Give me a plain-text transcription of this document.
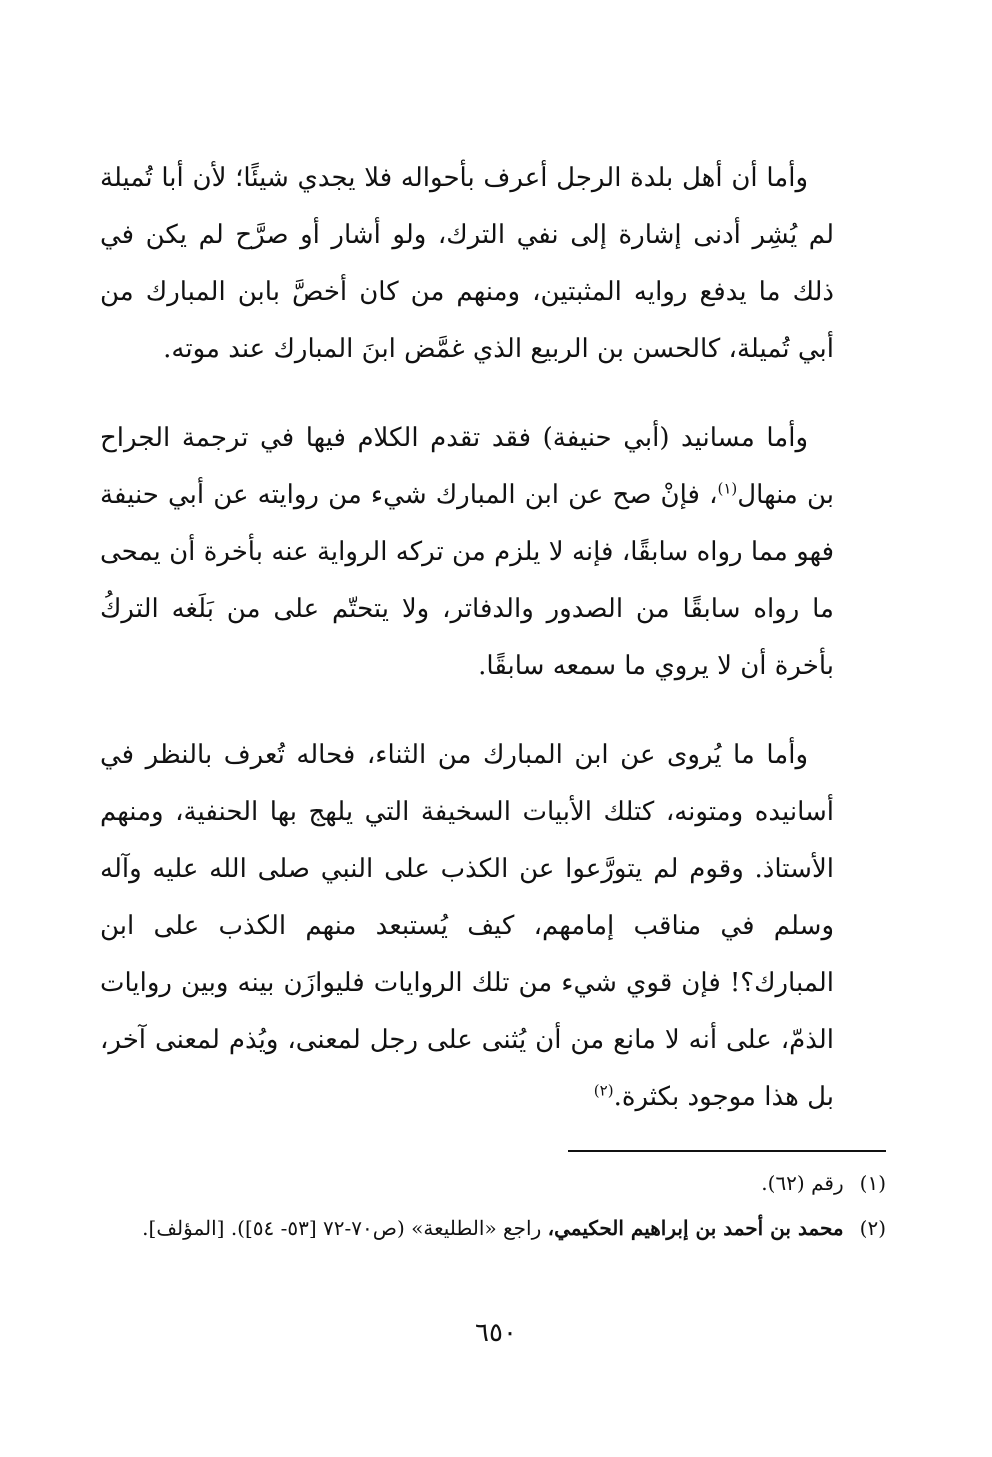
وأما أن أهل بلدة الرجل أعرف بأحواله فلا يجدي شيئًا؛ لأن أبا تُميلة لم يُشِر أدنى إشارة إلى نفي الترك، ولو أشار أو صرَّح لم يكن في ذلك ما يدفع روايه المثبتين، ومنهم من كان أخصَّ بابن المبارك من أبي تُميلة، كالحسن بن الربيع الذي غمَّض ابنَ المبارك عند موته.

وأما مسانيد (أبي حنيفة) فقد تقدم الكلام فيها في ترجمة الجراح بن منهال$^{(١)}$، فإنْ صح عن ابن المبارك شيء من روايته عن أبي حنيفة فهو مما رواه سابقًا، فإنه لا يلزم من تركه الرواية عنه بأخرة أن يمحى ما رواه سابقًا من الصدور والدفاتر، ولا يتحتّم على من بَلَغه التركُ بأخرة أن لا يروي ما سمعه سابقًا.

وأما ما يُروى عن ابن المبارك من الثناء، فحاله تُعرف بالنظر في أسانيده ومتونه، كتلك الأبيات السخيفة التي يلهج بها الحنفية، ومنهم الأستاذ. وقوم لم يتورَّعوا عن الكذب على النبي صلى الله عليه وآله وسلم في مناقب إمامهم، كيف يُستبعد منهم الكذب على ابن المبارك؟! فإن قوي شيء من تلك الروايات فليوازَن بينه وبين روايات الذمّ، على أنه لا مانع من أن يُثنى على رجل لمعنى، ويُذم لمعنى آخر، بل هذا موجود بكثرة.$^{(٢)}$

(١)
رقم (٦٢).

(٢)
محمد بن أحمد بن إبراهيم الحكيمي، راجع «الطليعة» (ص٧٠-٧٢ [٥٣- ٥٤]). [المؤلف].

٦٥٠
